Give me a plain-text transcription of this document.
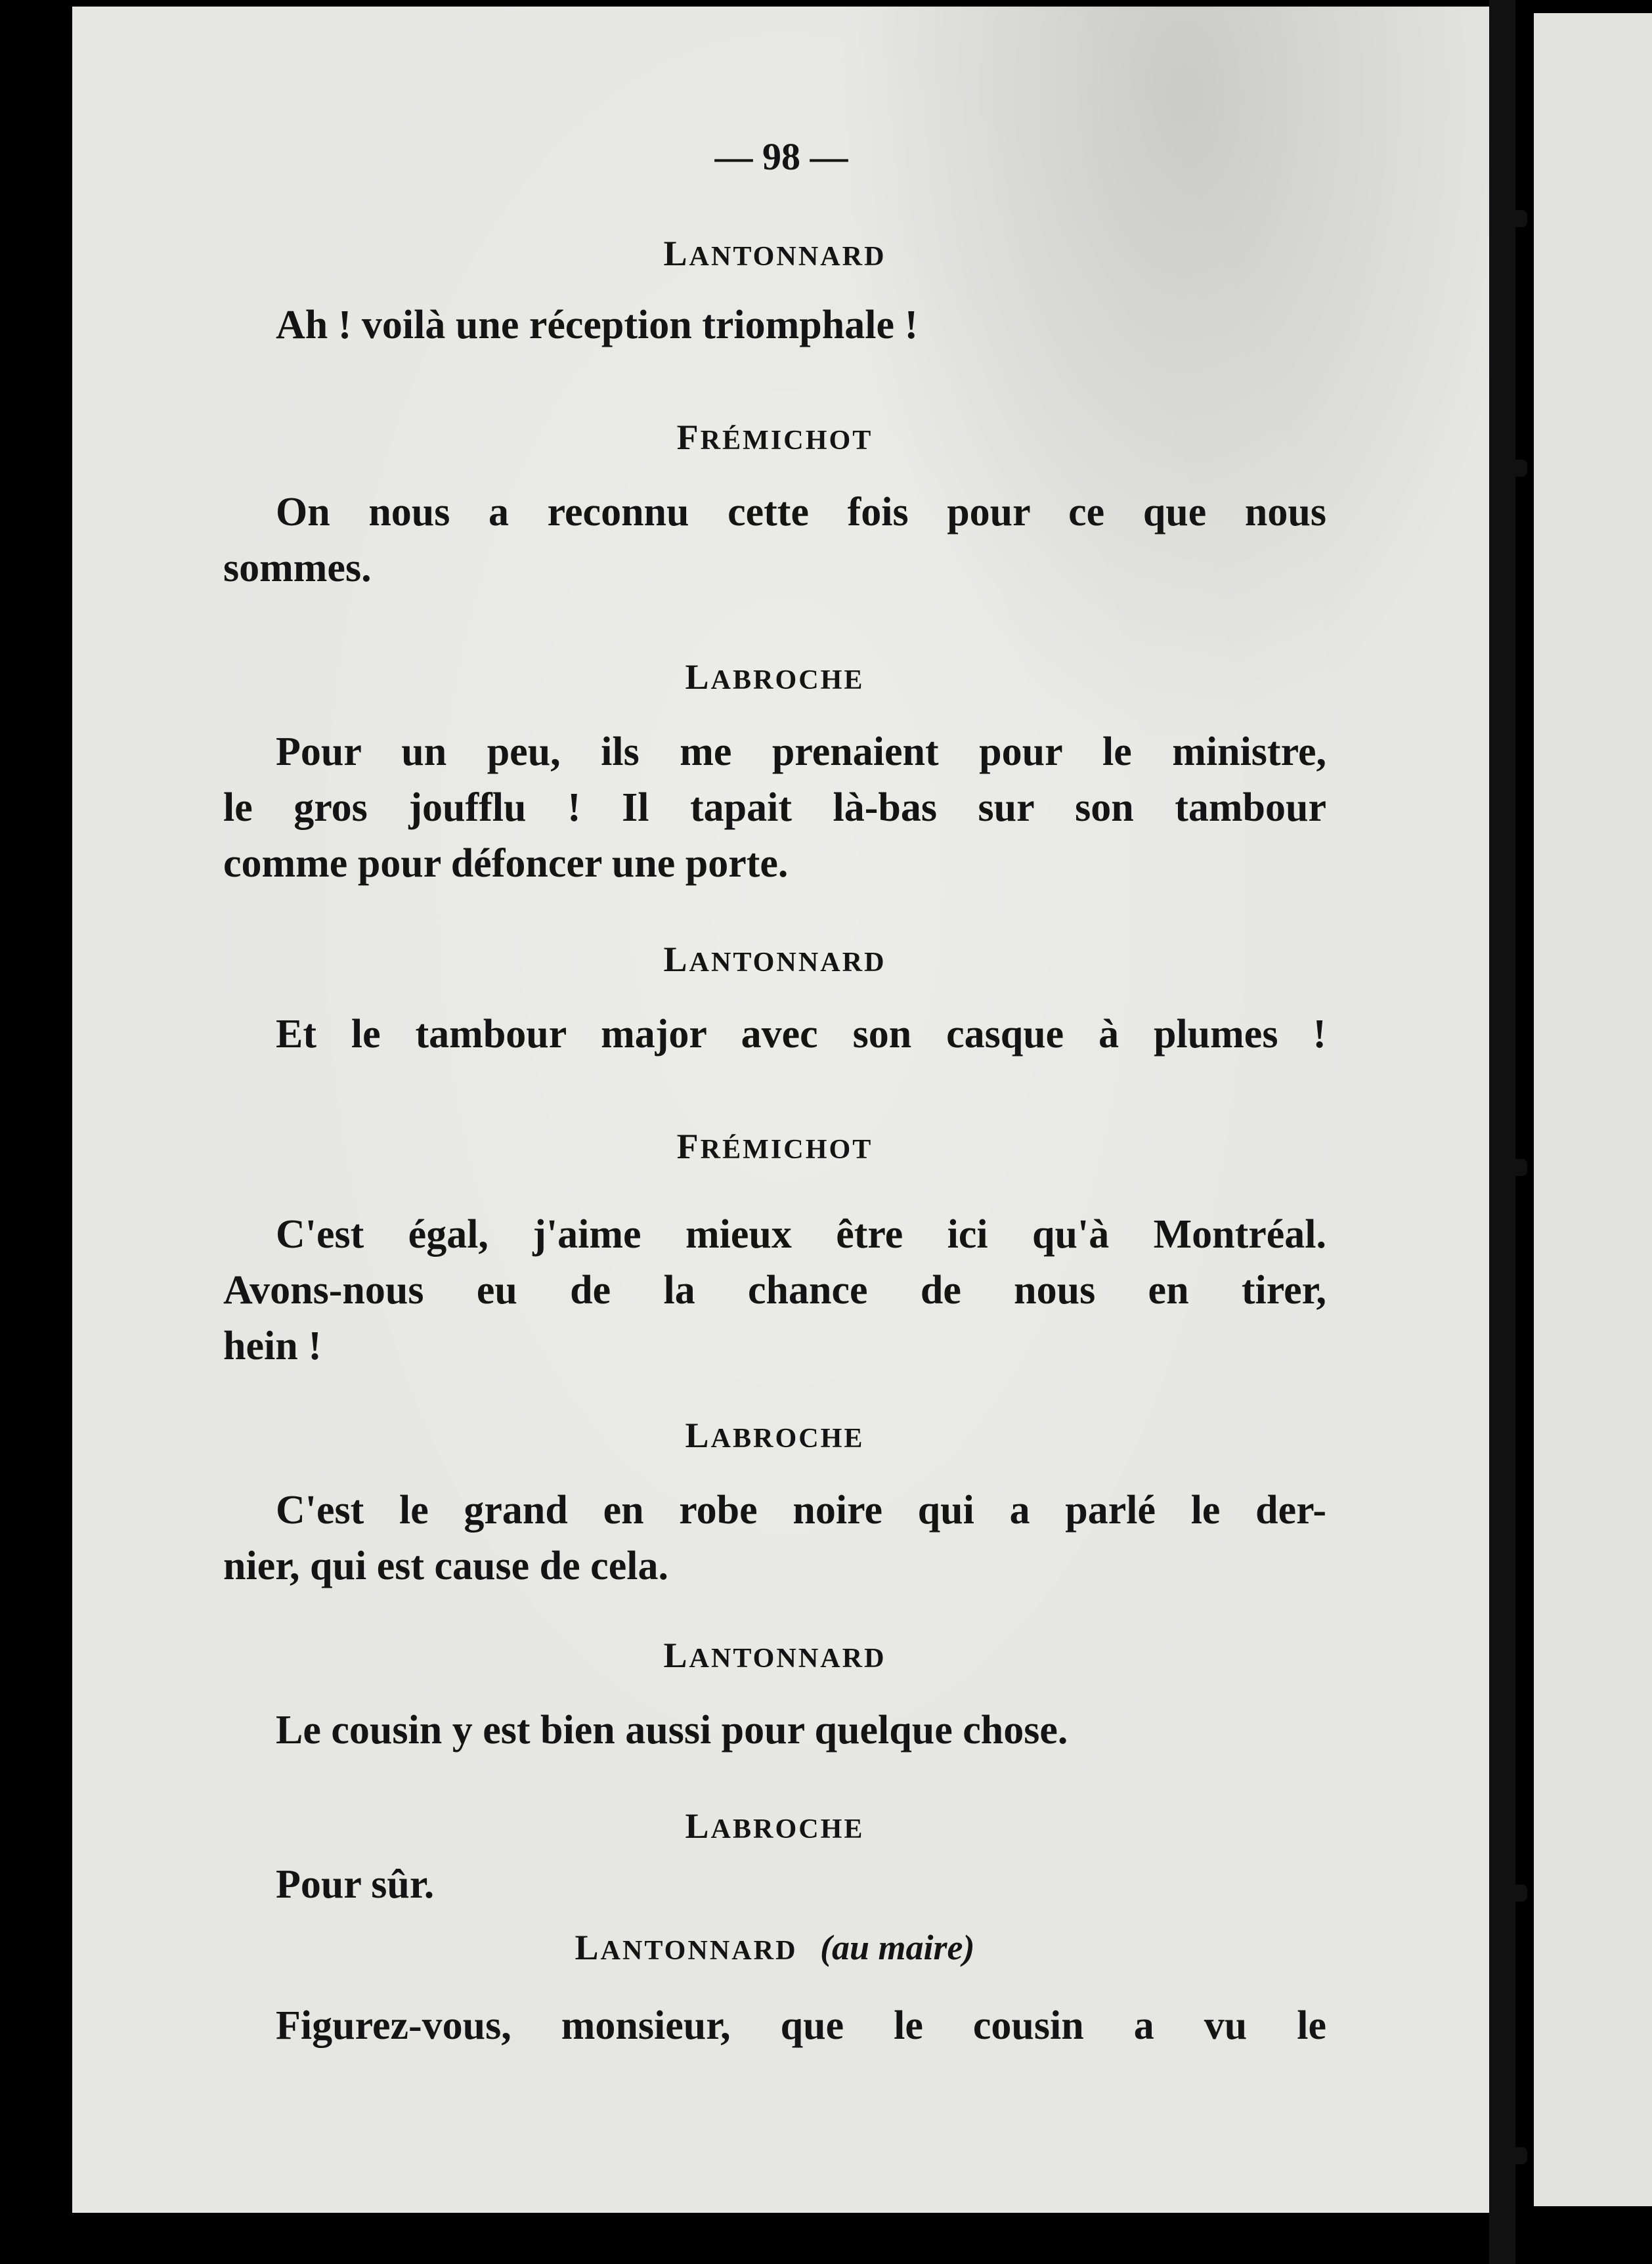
— 98 —
LANTONNARD
Ah ! voilà une réception triomphale !
FRÉMICHOT
On nous a reconnu cette fois pour ce que nous
sommes.
LABROCHE
Pour un peu, ils me prenaient pour le ministre,
le gros joufflu ! Il tapait là-bas sur son tambour
comme pour défoncer une porte.
LANTONNARD
Et le tambour major avec son casque à plumes !
FRÉMICHOT
C'est égal, j'aime mieux être ici qu'à Montréal.
Avons-nous eu de la chance de nous en tirer,
hein !
LABROCHE
C'est le grand en robe noire qui a parlé le der-
nier, qui est cause de cela.
LANTONNARD
Le cousin y est bien aussi pour quelque chose.
LABROCHE
Pour sûr.
LANTONNARD (au maire)
Figurez-vous, monsieur, que le cousin a vu le
